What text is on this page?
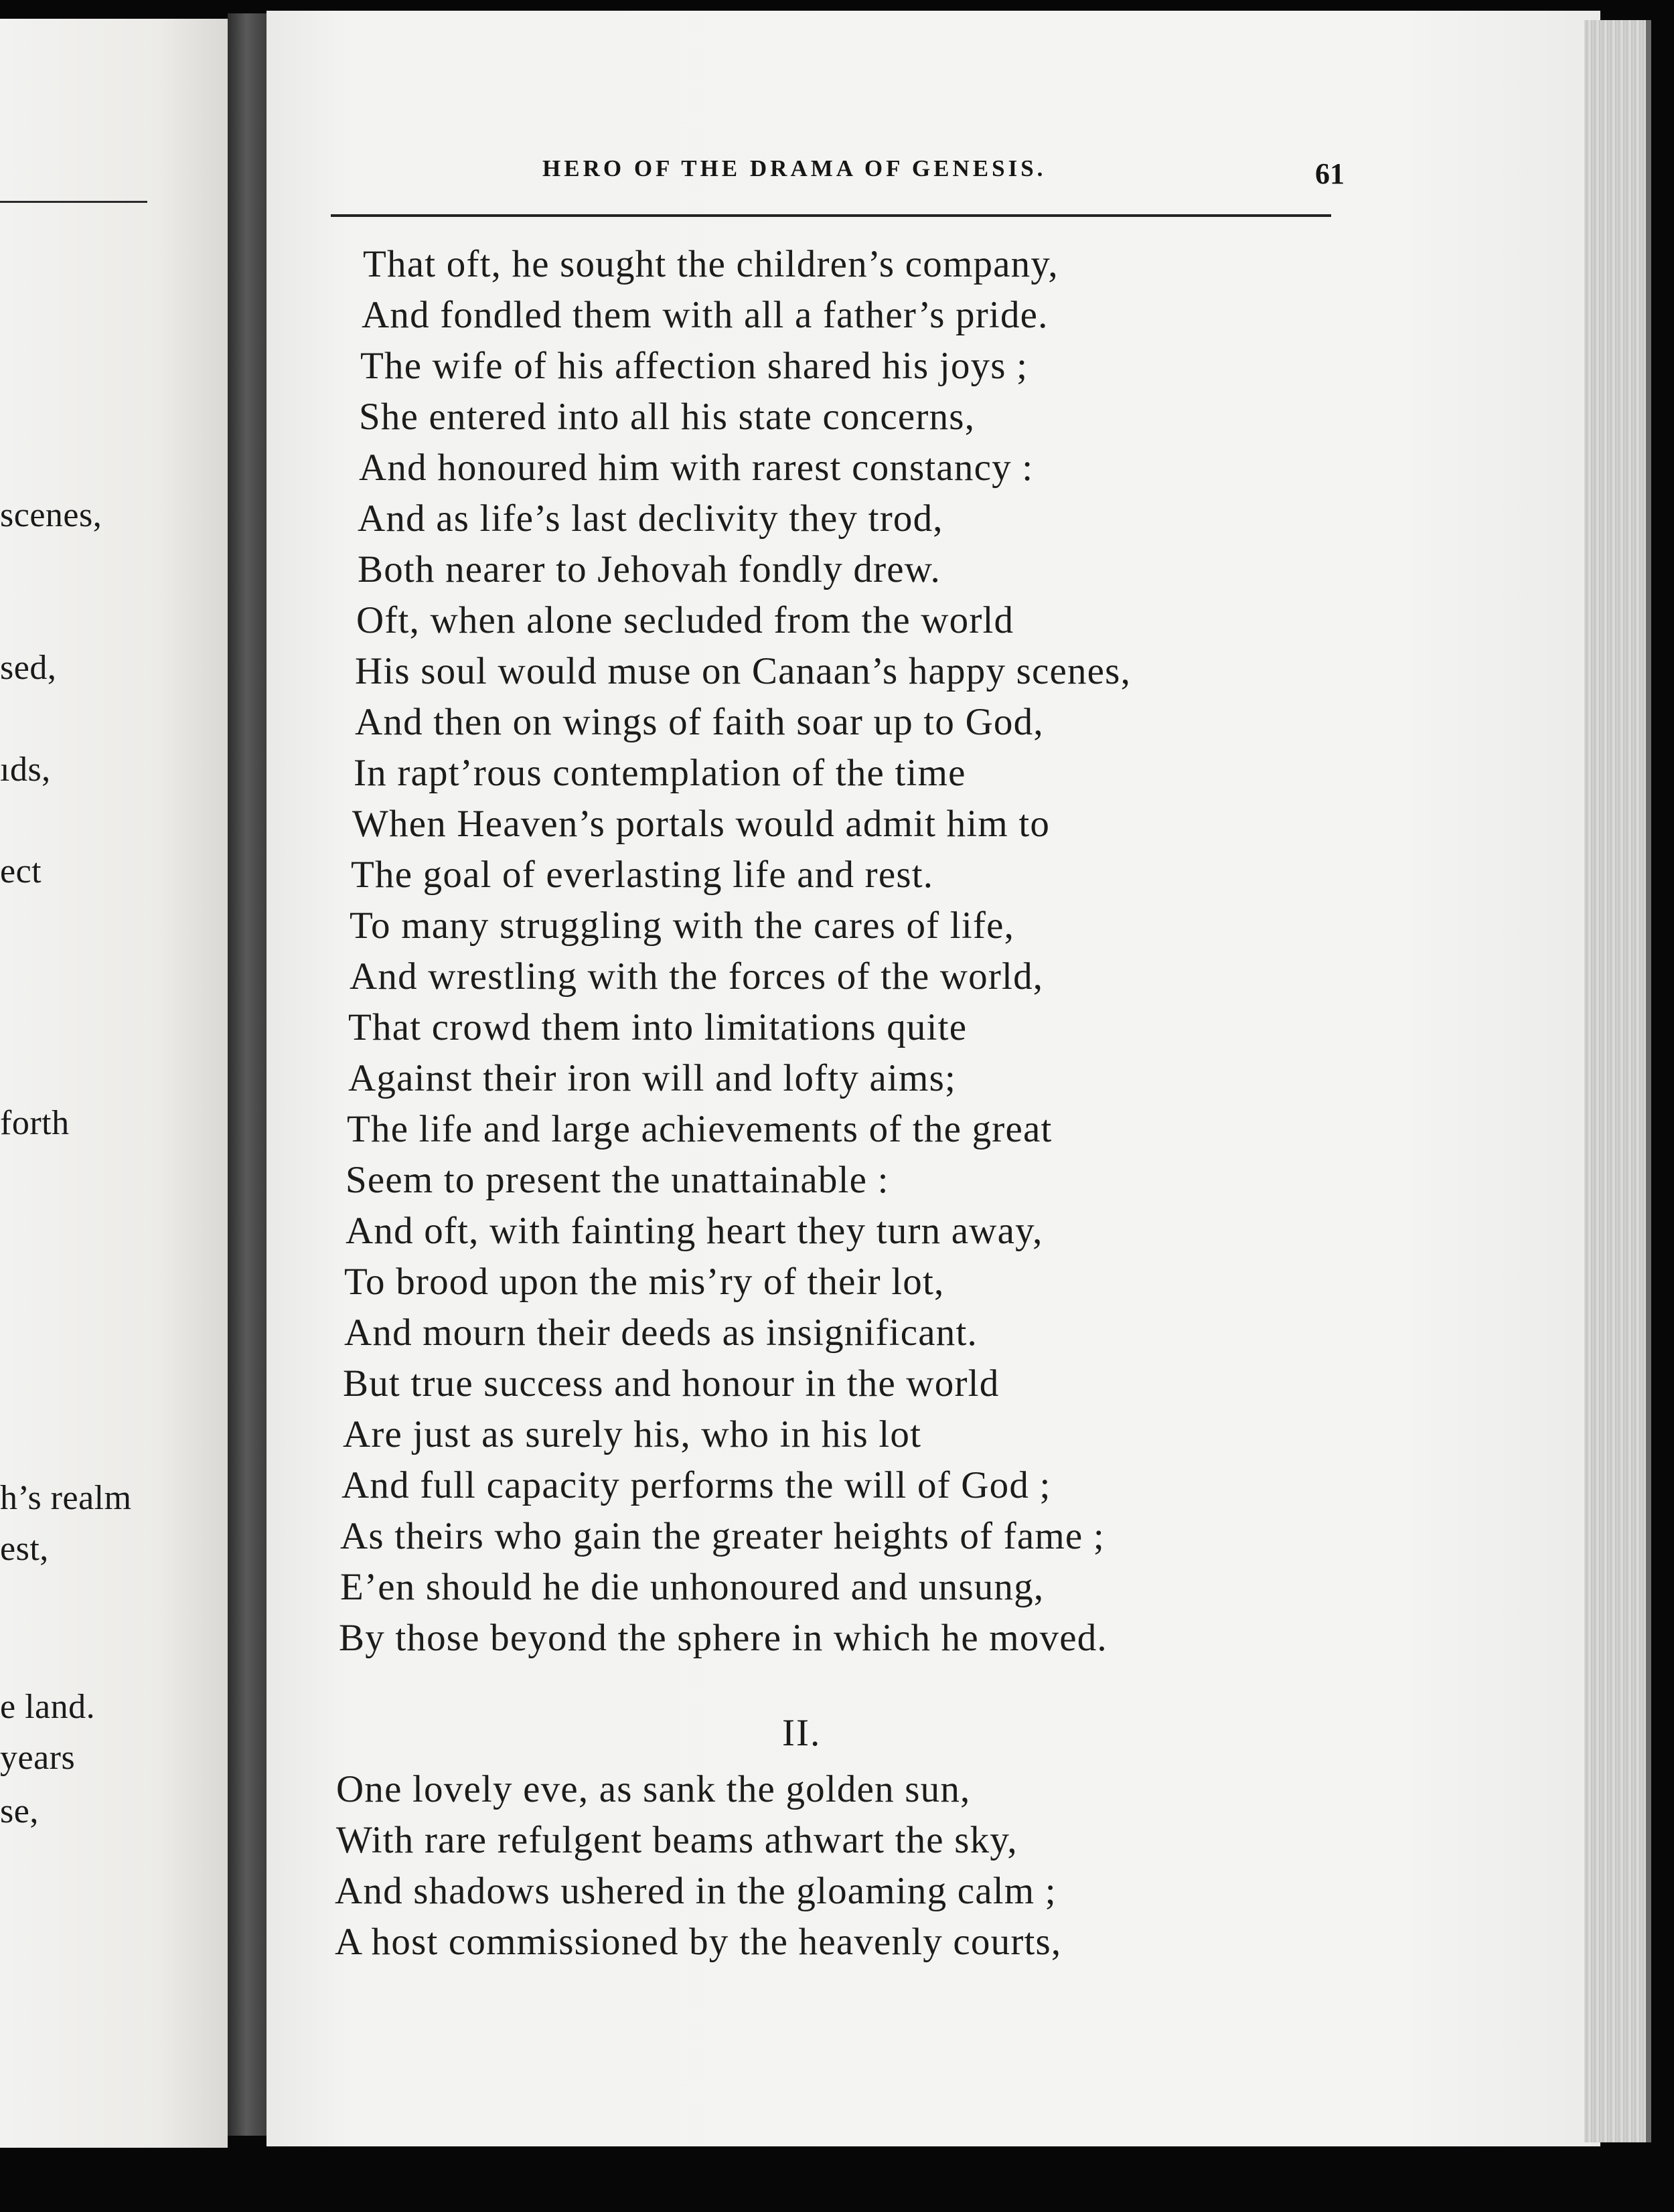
scenes,
sed,
ıds,
ect
forth
h’s realm
est,
e land.
years
se,
HERO OF THE DRAMA OF GENESIS.	61
That oft, he sought the children’s company,
And fondled them with all a father’s pride.
The wife of his affection shared his joys ;
She entered into all his state concerns,
And honoured him with rarest constancy :
And as life’s last declivity they trod,
Both nearer to Jehovah fondly drew.
Oft, when alone secluded from the world
His soul would muse on Canaan’s happy scenes,
And then on wings of faith soar up to God,
In rapt’rous contemplation of the time
When Heaven’s portals would admit him to
The goal of everlasting life and rest.
To many struggling with the cares of life,
And wrestling with the forces of the world,
That crowd them into limitations quite
Against their iron will and lofty aims;
The life and large achievements of the great
Seem to present the unattainable :
And oft, with fainting heart they turn away,
To brood upon the mis’ry of their lot,
And mourn their deeds as insignificant.
But true success and honour in the world
Are just as surely his, who in his lot
And full capacity performs the will of God ;
As theirs who gain the greater heights of fame ;
E’en should he die unhonoured and unsung,
By those beyond the sphere in which he moved.
II.
One lovely eve, as sank the golden sun,
With rare refulgent beams athwart the sky,
And shadows ushered in the gloaming calm ;
A host commissioned by the heavenly courts,
